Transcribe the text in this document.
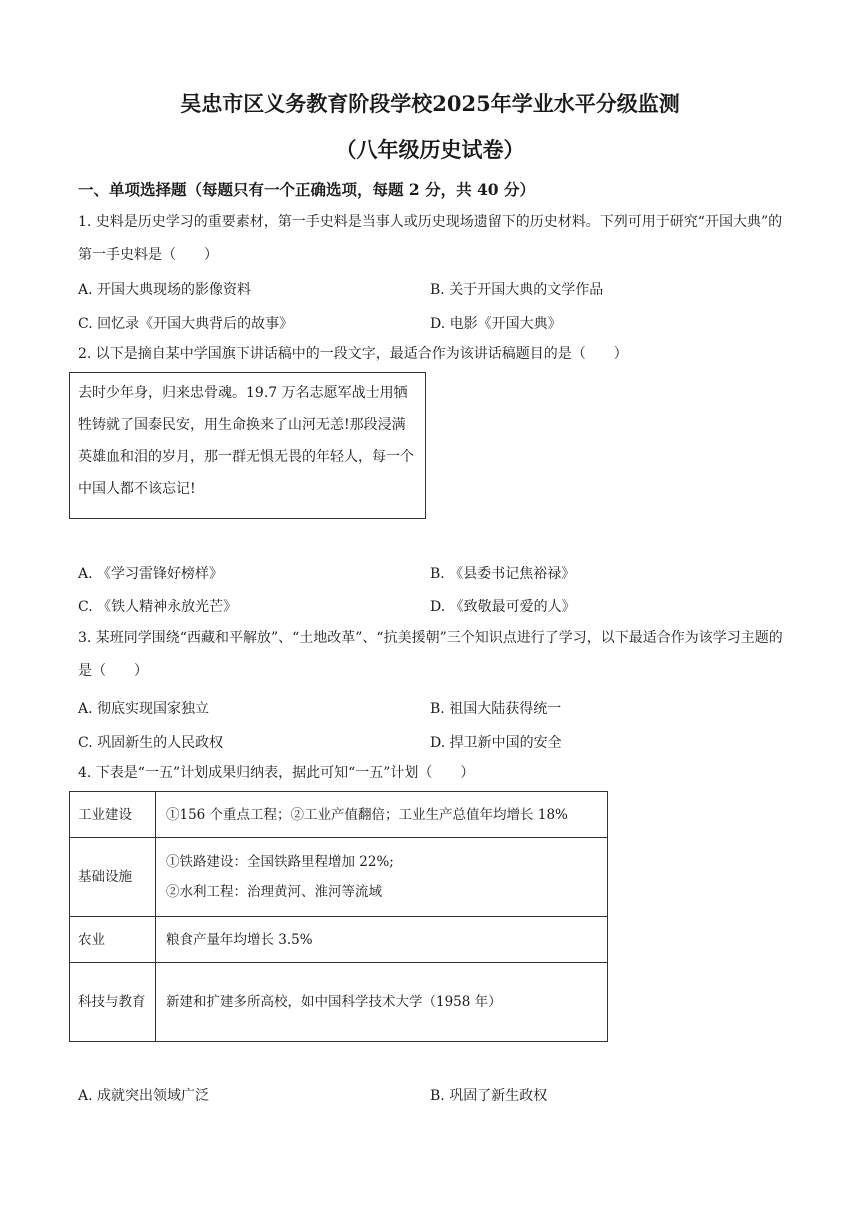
吴忠市区义务教育阶段学校2025年学业水平分级监测
（八年级历史试卷）
一、单项选择题（每题只有一个正确选项，每题 2 分，共 40 分）
1. 史料是历史学习的重要素材，第一手史料是当事人或历史现场遗留下的历史材料。下列可用于研究“开国大典”的第一手史料是（　　）
A. 开国大典现场的影像资料	B. 关于开国大典的文学作品
C. 回忆录《开国大典背后的故事》	D. 电影《开国大典》
2. 以下是摘自某中学国旗下讲话稿中的一段文字，最适合作为该讲话稿题目的是（　　）
去时少年身，归来忠骨魂。19.7 万名志愿军战士用牺牲铸就了国泰民安，用生命换来了山河无恙!那段浸满英雄血和泪的岁月，那一群无惧无畏的年轻人，每一个中国人都不该忘记!
A. 《学习雷锋好榜样》	B. 《县委书记焦裕禄》
C. 《铁人精神永放光芒》	D. 《致敬最可爱的人》
3. 某班同学围绕“西藏和平解放”、“土地改革”、“抗美援朝”三个知识点进行了学习，以下最适合作为该学习主题的是（　　）
A. 彻底实现国家独立	B. 祖国大陆获得统一
C. 巩固新生的人民政权	D. 捍卫新中国的安全
4. 下表是“一五”计划成果归纳表，据此可知“一五”计划（　　）
工业建设	①156 个重点工程；②工业产值翻倍；工业生产总值年均增长 18%

基础设施	①铁路建设：全国铁路里程增加 22%;
②水利工程：治理黄河、淮河等流域

农业	粮食产量年均增长 3.5%

科技与教育	新建和扩建多所高校，如中国科学技术大学（1958 年）
A. 成就突出领域广泛	B. 巩固了新生政权
